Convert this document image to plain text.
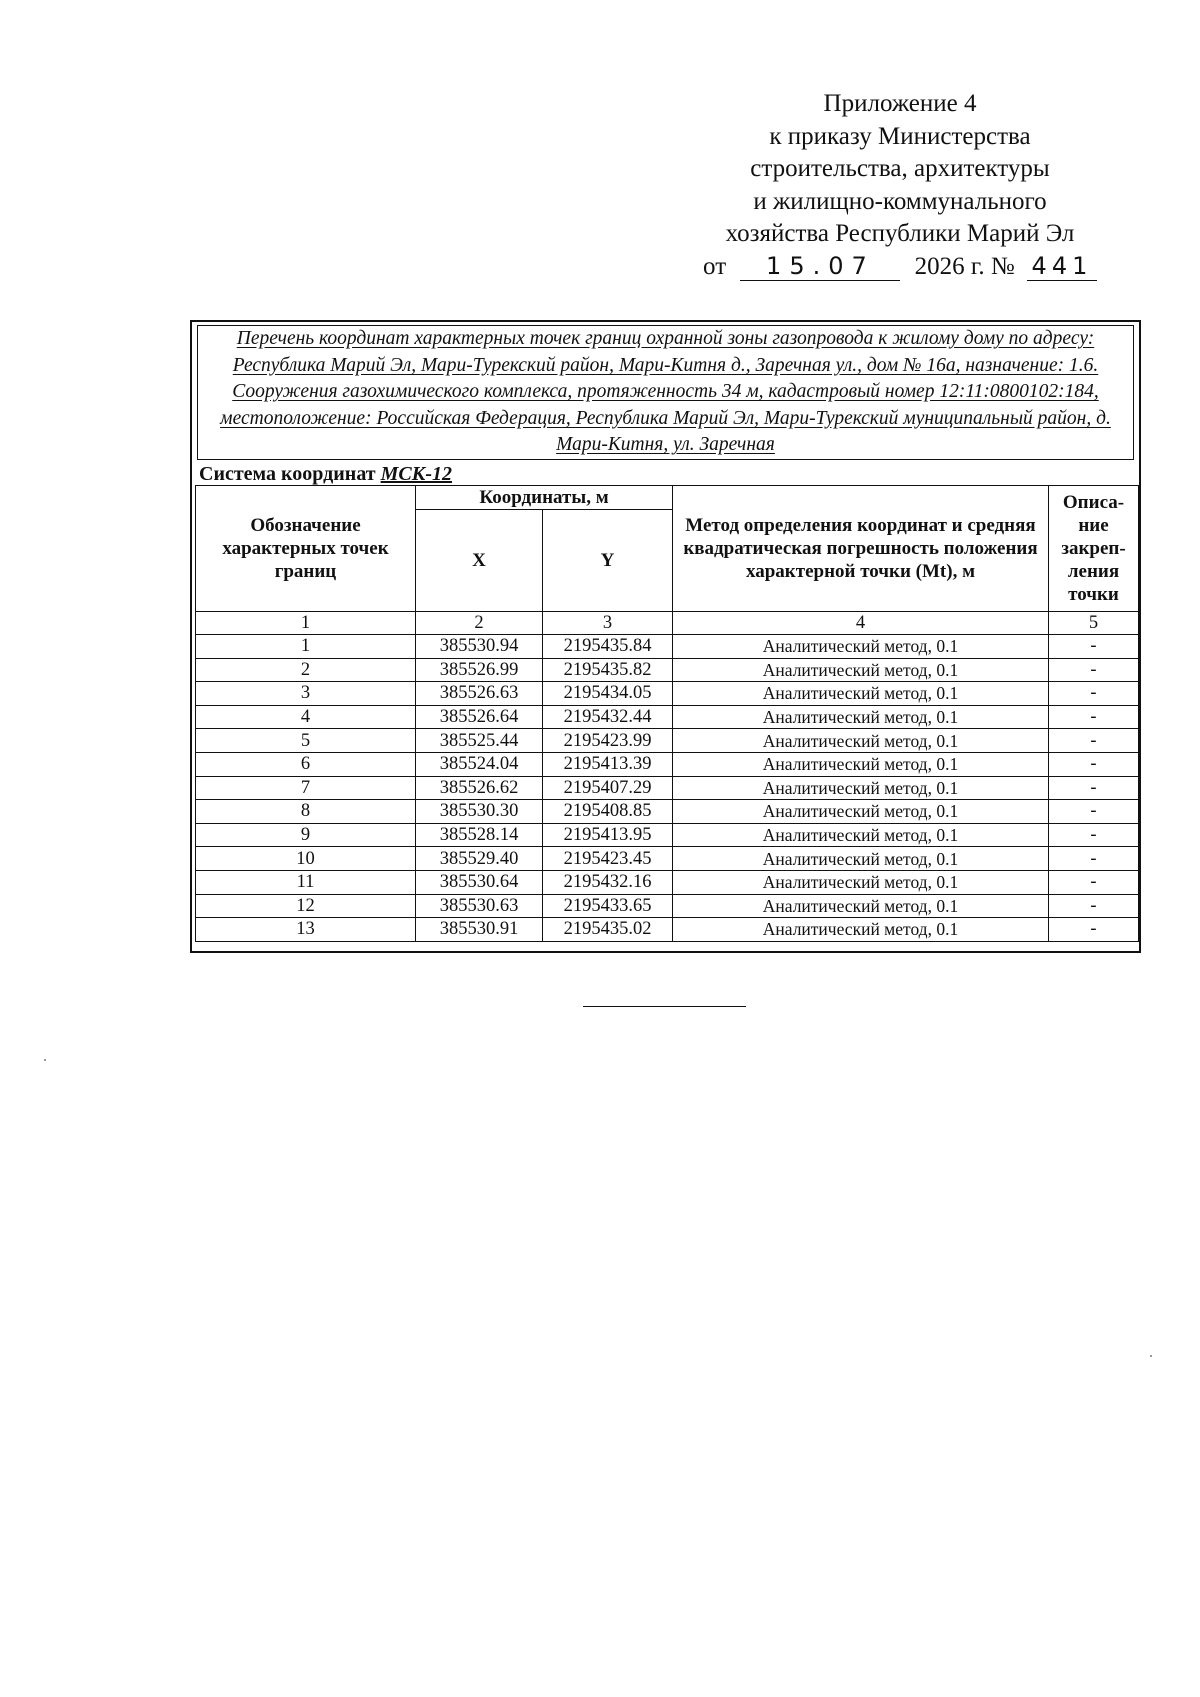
Приложение 4
к приказу Министерства
строительства, архитектуры
и жилищно-коммунального
хозяйства Республики Марий Эл
от 15.07 2026 г. № 441
Перечень координат характерных точек границ охранной зоны газопровода к жилому дому по адресу: Республика Марий Эл, Мари-Турекский район, Мари-Китня д., Заречная ул., дом № 16а, назначение: 1.6. Сооружения газохимического комплекса, протяженность 34 м, кадастровый номер 12:11:0800102:184, местоположение: Российская Федерация, Республика Марий Эл, Мари-Турекский муниципальный район, д. Мари-Китня, ул. Заречная
Система координат МСК-12
Обозначение характерных точек границ	Координаты, м		Метод определения координат и средняя квадратическая погрешность положения характерной точки (Mt), м	Описа-ние закреп-ления точки
	X	Y		
1	2	3	4	5
1	385530.94	2195435.84	Аналитический метод, 0.1	-
2	385526.99	2195435.82	Аналитический метод, 0.1	-
3	385526.63	2195434.05	Аналитический метод, 0.1	-
4	385526.64	2195432.44	Аналитический метод, 0.1	-
5	385525.44	2195423.99	Аналитический метод, 0.1	-
6	385524.04	2195413.39	Аналитический метод, 0.1	-
7	385526.62	2195407.29	Аналитический метод, 0.1	-
8	385530.30	2195408.85	Аналитический метод, 0.1	-
9	385528.14	2195413.95	Аналитический метод, 0.1	-
10	385529.40	2195423.45	Аналитический метод, 0.1	-
11	385530.64	2195432.16	Аналитический метод, 0.1	-
12	385530.63	2195433.65	Аналитический метод, 0.1	-
13	385530.91	2195435.02	Аналитический метод, 0.1	-
